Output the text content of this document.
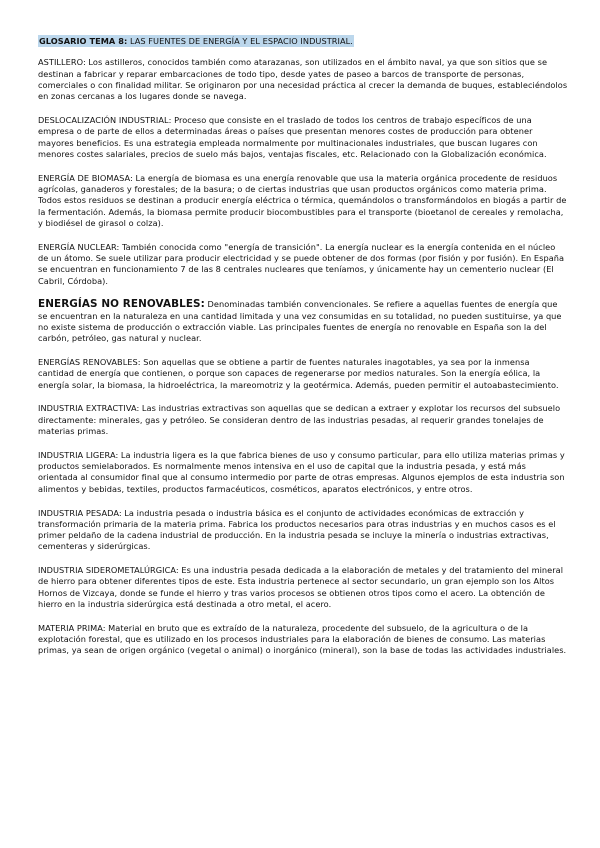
GLOSARIO TEMA 8: LAS FUENTES DE ENERGÍA Y EL ESPACIO INDUSTRIAL.

ASTILLERO: Los astilleros, conocidos también como atarazanas, son utilizados en el ámbito naval, ya que son sitios que se destinan a fabricar y reparar embarcaciones de todo tipo, desde yates de paseo a barcos de transporte de personas, comerciales o con finalidad militar. Se originaron por una necesidad práctica al crecer la demanda de buques, estableciéndolos en zonas cercanas a los lugares donde se navega.

DESLOCALIZACIÓN INDUSTRIAL: Proceso que consiste en el traslado de todos los centros de trabajo específicos de una empresa o de parte de ellos a determinadas áreas o países que presentan menores costes de producción para obtener mayores beneficios. Es una estrategia empleada normalmente por multinacionales industriales, que buscan lugares con menores costes salariales, precios de suelo más bajos, ventajas fiscales, etc. Relacionado con la Globalización económica.

ENERGÍA DE BIOMASA: La energía de biomasa es una energía renovable que usa la materia orgánica procedente de residuos agrícolas, ganaderos y forestales; de la basura; o de ciertas industrias que usan productos orgánicos como materia prima. Todos estos residuos se destinan a producir energía eléctrica o térmica, quemándolos o transformándolos en biogás a partir de la fermentación. Además, la biomasa permite producir biocombustibles para el transporte (bioetanol de cereales y remolacha, y biodiésel de girasol o colza).

ENERGÍA NUCLEAR: También conocida como "energía de transición". La energía nuclear es la energía contenida en el núcleo de un átomo. Se suele utilizar para producir electricidad y se puede obtener de dos formas (por fisión y por fusión). En España se encuentran en funcionamiento 7 de las 8 centrales nucleares que teníamos, y únicamente hay un cementerio nuclear (El Cabril, Córdoba).

ENERGÍAS NO RENOVABLES: Denominadas también convencionales. Se refiere a aquellas fuentes de energía que se encuentran en la naturaleza en una cantidad limitada y una vez consumidas en su totalidad, no pueden sustituirse, ya que no existe sistema de producción o extracción viable. Las principales fuentes de energía no renovable en España son la del carbón, petróleo, gas natural y nuclear.

ENERGÍAS RENOVABLES: Son aquellas que se obtiene a partir de fuentes naturales inagotables, ya sea por la inmensa cantidad de energía que contienen, o porque son capaces de regenerarse por medios naturales. Son la energía eólica, la energía solar, la biomasa, la hidroeléctrica, la mareomotriz y la geotérmica. Además, pueden permitir el autoabastecimiento.

INDUSTRIA EXTRACTIVA: Las industrias extractivas son aquellas que se dedican a extraer y explotar los recursos del subsuelo directamente: minerales, gas y petróleo. Se consideran dentro de las industrias pesadas, al requerir grandes tonelajes de materias primas.

INDUSTRIA LIGERA: La industria ligera es la que fabrica bienes de uso y consumo particular, para ello utiliza materias primas y productos semielaborados. Es normalmente menos intensiva en el uso de capital que la industria pesada, y está más orientada al consumidor final que al consumo intermedio por parte de otras empresas. Algunos ejemplos de esta industria son alimentos y bebidas, textiles, productos farmacéuticos, cosméticos, aparatos electrónicos, y entre otros.

INDUSTRIA PESADA: La industria pesada o industria básica es el conjunto de actividades económicas de extracción y transformación primaria de la materia prima. Fabrica los productos necesarios para otras industrias y en muchos casos es el primer peldaño de la cadena industrial de producción. En la industria pesada se incluye la minería o industrias extractivas, cementeras y siderúrgicas.

INDUSTRIA SIDEROMETALÚRGICA: Es una industria pesada dedicada a la elaboración de metales y del tratamiento del mineral de hierro para obtener diferentes tipos de este. Esta industria pertenece al sector secundario, un gran ejemplo son los Altos Hornos de Vizcaya, donde se funde el hierro y tras varios procesos se obtienen otros tipos como el acero. La obtención de hierro en la industria siderúrgica está destinada a otro metal, el acero.

MATERIA PRIMA: Material en bruto que es extraído de la naturaleza, procedente del subsuelo, de la agricultura o de la explotación forestal, que es utilizado en los procesos industriales para la elaboración de bienes de consumo. Las materias primas, ya sean de origen orgánico (vegetal o animal) o inorgánico (mineral), son la base de todas las actividades industriales.
